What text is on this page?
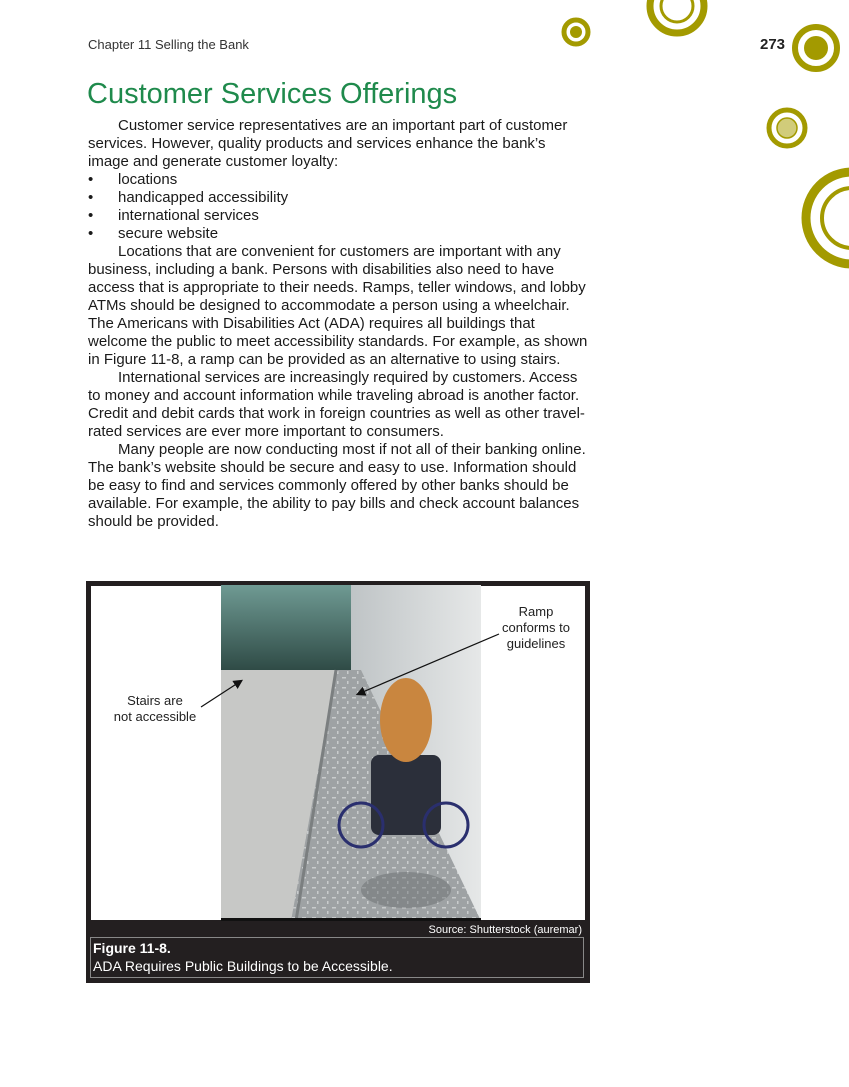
Chapter 11 Selling the Bank	273
Customer Services Offerings

Customer service representatives are an important part of customer services. However, quality products and services enhance the bank’s image and generate customer loyalty:

• locations
• handicapped accessibility
• international services
• secure website

Locations that are convenient for customers are important with any business, including a bank. Persons with disabilities also need to have access that is appropriate to their needs. Ramps, teller windows, and lobby ATMs should be designed to accommodate a person using a wheelchair. The Americans with Disabilities Act (ADA) requires all buildings that welcome the public to meet accessibility standards. For example, as shown in Figure 11-8, a ramp can be provided as an alternative to using stairs.

International services are increasingly required by customers. Access to money and account information while traveling abroad is another factor. Credit and debit cards that work in foreign countries as well as other travel-rated services are ever more important to consumers.

Many people are now conducting most if not all of their banking online. The bank’s website should be secure and easy to use. Information should be easy to find and services commonly offered by other banks should be available. For example, the ability to pay bills and check account balances should be provided.

Stairs are
not accessible
Ramp
conforms to
guidelines
Source: Shutterstock (auremar)
Figure 11-8.
ADA Requires Public Buildings to be Accessible.
